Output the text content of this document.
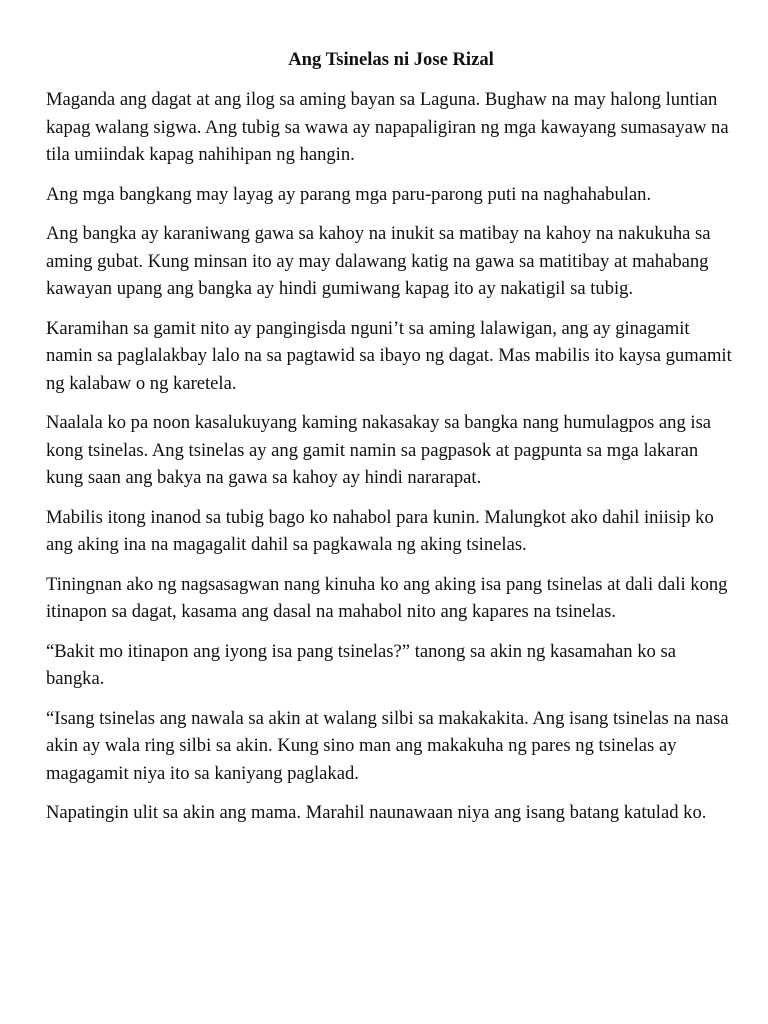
Ang Tsinelas ni Jose Rizal

Maganda ang dagat at ang ilog sa aming bayan sa Laguna. Bughaw na may halong luntian kapag walang sigwa. Ang tubig sa wawa ay napapaligiran ng mga kawayang sumasayaw na tila umiindak kapag nahihipan ng hangin.

Ang mga bangkang may layag ay parang mga paru-parong puti na naghahabulan.

Ang bangka ay karaniwang gawa sa kahoy na inukit sa matibay na kahoy na nakukuha sa aming gubat. Kung minsan ito ay may dalawang katig na gawa sa matitibay at mahabang kawayan upang ang bangka ay hindi gumiwang kapag ito ay nakatigil sa tubig.

Karamihan sa gamit nito ay pangingisda nguni’t sa aming lalawigan, ang ay ginagamit namin sa paglalakbay lalo na sa pagtawid sa ibayo ng dagat. Mas mabilis ito kaysa gumamit ng kalabaw o ng karetela.

Naalala ko pa noon kasalukuyang kaming nakasakay sa bangka nang humulagpos ang isa kong tsinelas. Ang tsinelas ay ang gamit namin sa pagpasok at pagpunta sa mga lakaran kung saan ang bakya na gawa sa kahoy ay hindi nararapat.

Mabilis itong inanod sa tubig bago ko nahabol para kunin. Malungkot ako dahil iniisip ko ang aking ina na magagalit dahil sa pagkawala ng aking tsinelas.

Tiningnan ako ng nagsasagwan nang kinuha ko ang aking isa pang tsinelas at dali dali kong itinapon sa dagat, kasama ang dasal na mahabol nito ang kapares na tsinelas.

“Bakit mo itinapon ang iyong isa pang tsinelas?” tanong sa akin ng kasamahan ko sa bangka.

“Isang tsinelas ang nawala sa akin at walang silbi sa makakakita. Ang isang tsinelas na nasa akin ay wala ring silbi sa akin. Kung sino man ang makakuha ng pares ng tsinelas ay magagamit niya ito sa kaniyang paglakad.

Napatingin ulit sa akin ang mama. Marahil naunawaan niya ang isang batang katulad ko.
